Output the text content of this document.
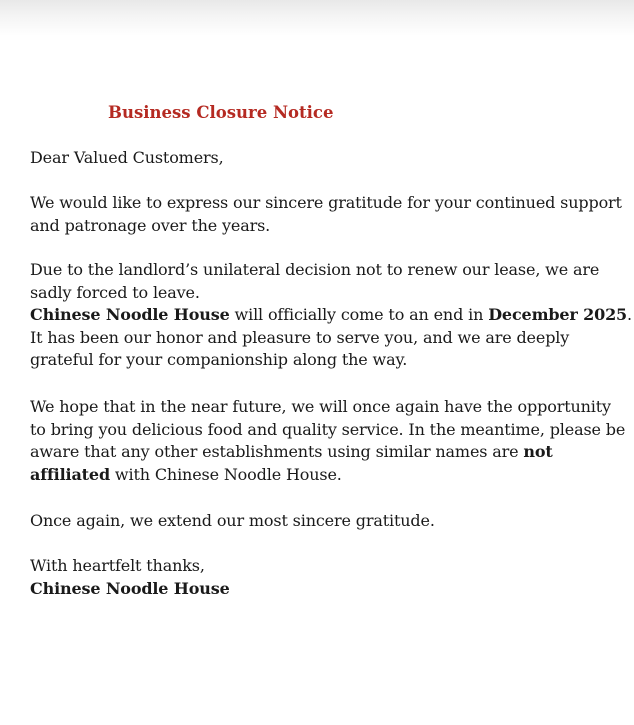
Business Closure Notice
Dear Valued Customers,
We would like to express our sincere gratitude for your continued support
and patronage over the years.
Due to the landlord’s unilateral decision not to renew our lease, we are
sadly forced to leave.
Chinese Noodle House will officially come to an end in December 2025.
It has been our honor and pleasure to serve you, and we are deeply
grateful for your companionship along the way.
We hope that in the near future, we will once again have the opportunity
to bring you delicious food and quality service. In the meantime, please be
aware that any other establishments using similar names are not
affiliated with Chinese Noodle House.
Once again, we extend our most sincere gratitude.
With heartfelt thanks,
Chinese Noodle House
